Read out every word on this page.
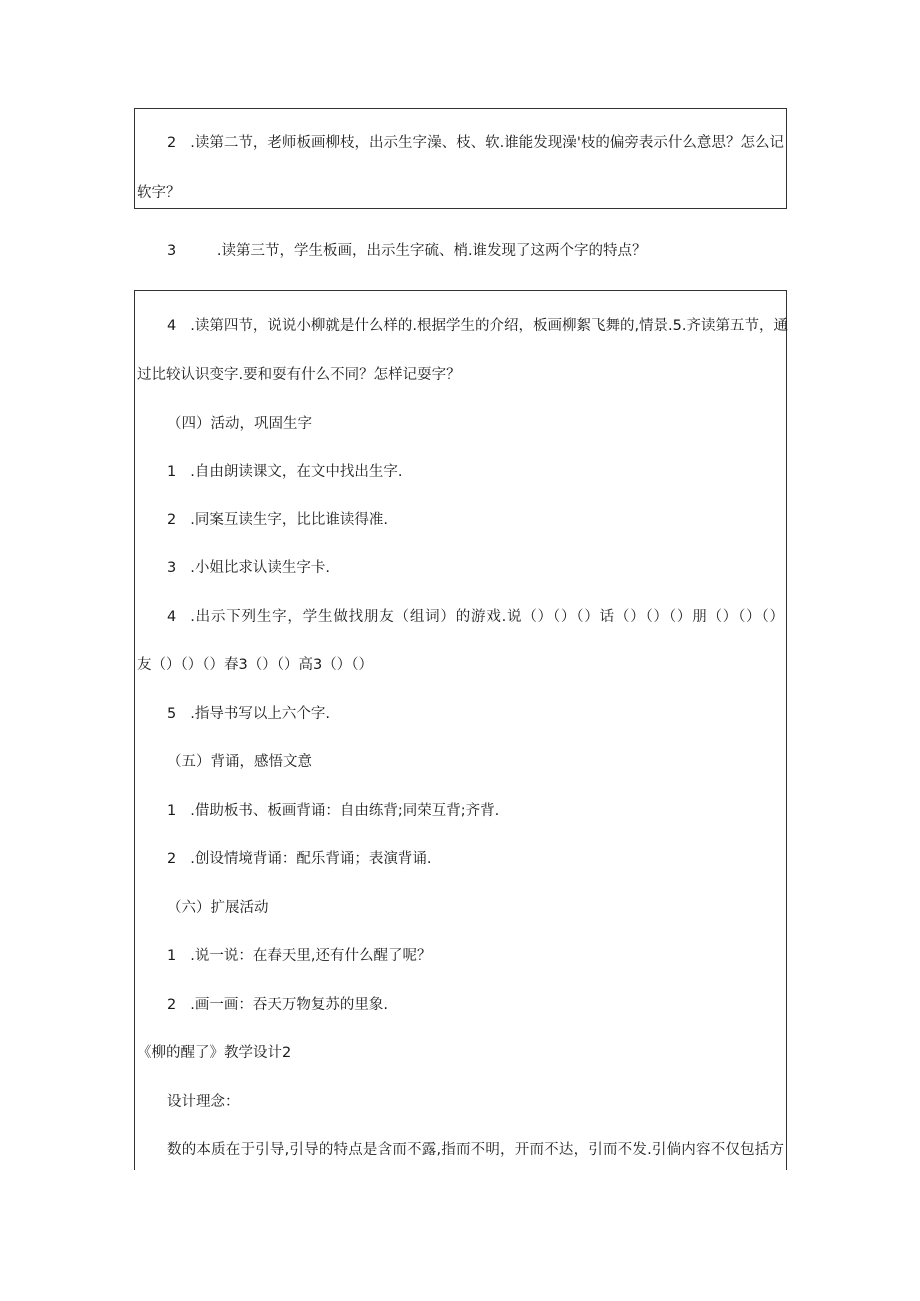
2 .读第二节，老师板画柳枝，出示生字澡、枝、软.谁能发现澡'枝的偏旁表示什么意思？怎么记
软字？
3	.读第三节，学生板画，出示生字硫、梢.谁发现了这两个字的特点？
4 .读第四节，说说小柳就是什么样的.根据学生的介绍，板画柳絮飞舞的,情景.5.齐读第五节，通
过比较认识变字.要和耍有什么不同？怎样记耍字？
（四）活动，巩固生字
1 .自由朗读课文，在文中找出生字.
2 .同案互读生字，比比谁读得准.
3 .小姐比求认读生字卡.
4 .出示下列生字，学生做找朋友（组词）的游戏.说（）（）（）话（）（）（）朋（）（）（）
友（）（）（）春3（）（）高3（）（）
5 .指导书写以上六个字.
（五）背诵，感悟文意
1 .借助板书、板画背诵：自由练背;同荣互背;齐背.
2 .创设情境背诵：配乐背诵；表演背诵.
（六）扩展活动
1 .说一说：在春天里,还有什么醒了呢？
2 .画一画：吞天万物复苏的里象.
《柳的醒了》教学设计2
设计理念：
数的本质在于引导,引导的特点是含而不露,指而不明，开而不达，引而不发.引倘内容不仅包括方
